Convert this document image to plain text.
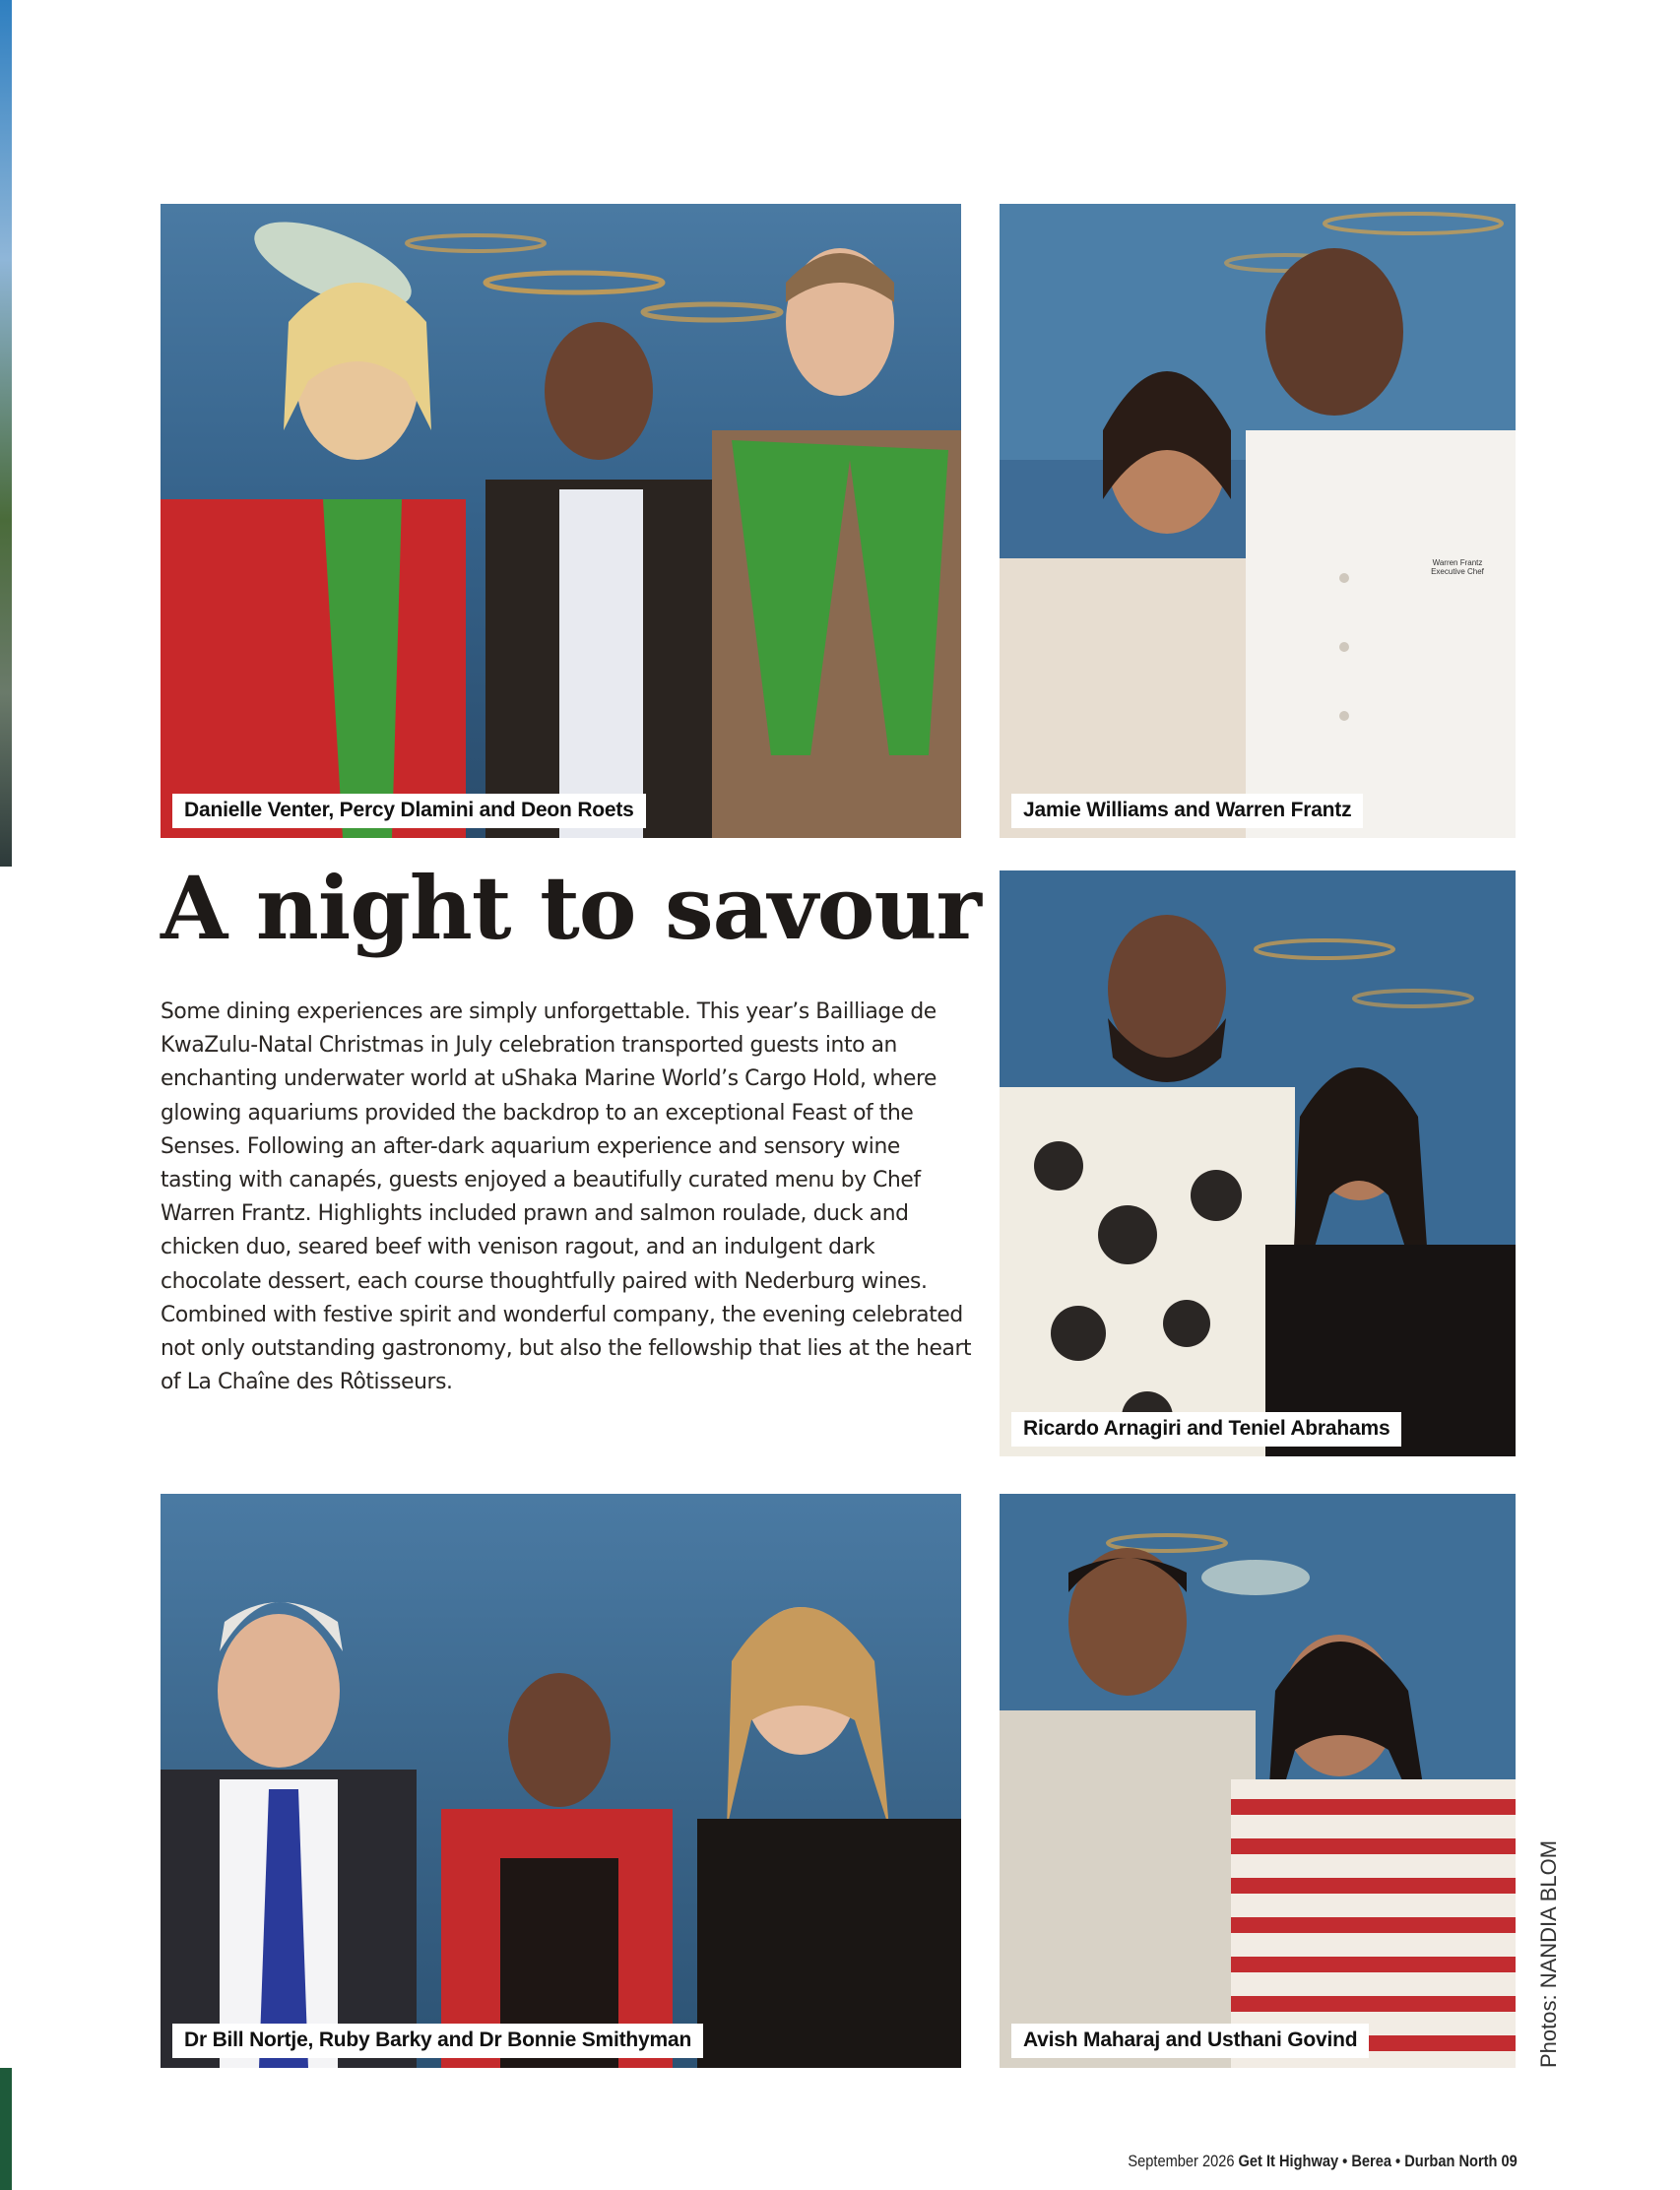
Danielle Venter, Percy Dlamini and Deon Roets
Warren Frantz Executive Chef
Jamie Williams and Warren Frantz
A night to savour

Some dining experiences are simply unforgettable. This year’s Bailliage de KwaZulu-Natal Christmas in July celebration transported guests into an enchanting underwater world at uShaka Marine World’s Cargo Hold, where glowing aquariums provided the backdrop to an exceptional Feast of the Senses. Following an after-dark aquarium experience and sensory wine tasting with canapés, guests enjoyed a beautifully curated menu by Chef Warren Frantz. Highlights included prawn and salmon roulade, duck and chicken duo, seared beef with venison ragout, and an indulgent dark chocolate dessert, each course thoughtfully paired with Nederburg wines. Combined with festive spirit and wonderful company, the evening celebrated not only outstanding gastronomy, but also the fellowship that lies at the heart of La Chaîne des Rôtisseurs.

Ricardo Arnagiri and Teniel Abrahams
Dr Bill Nortje, Ruby Barky and Dr Bonnie Smithyman	Avish Maharaj and Usthani Govind	Photos: NANDIA BLOM
September 2026 Get It Highway • Berea • Durban North 09
